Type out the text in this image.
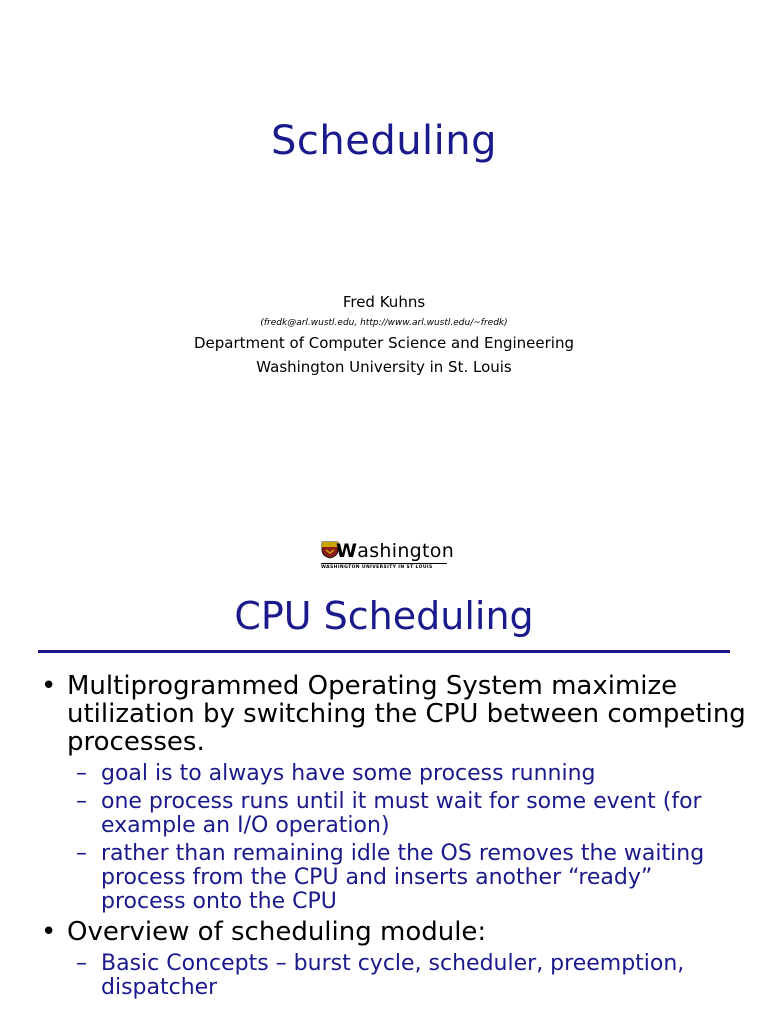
Scheduling
Fred Kuhns
(fredk@arl.wustl.edu, http://www.arl.wustl.edu/~fredk)
Department of Computer Science and Engineering
Washington University in St. Louis
Washington
WASHINGTON UNIVERSITY IN ST LOUIS
CPU Scheduling
• Multiprogrammed Operating System maximize utilization by switching the CPU between competing processes.
– goal is to always have some process running
– one process runs until it must wait for some event (for example an I/O operation)
– rather than remaining idle the OS removes the waiting process from the CPU and inserts another “ready” process onto the CPU
• Overview of scheduling module:
– Basic Concepts – burst cycle, scheduler, preemption, dispatcher
